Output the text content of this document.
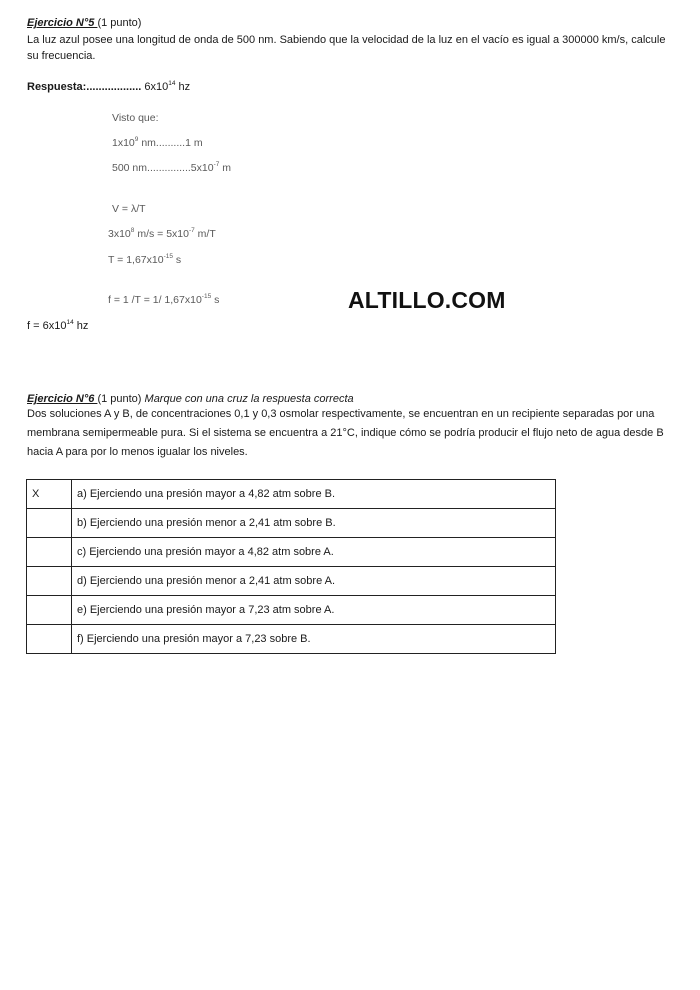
Ejercicio N°5 (1 punto)
La luz azul posee una longitud de onda de 500 nm. Sabiendo que la velocidad de la luz en el vacío es igual a 300000 km/s, calcule su frecuencia.
Respuesta:.................. $6x10^{14}$ hz
Visto que:
$1x10^9$ nm..........1 m
500 $nm...............5x10^{-7}$ m
V = λ/T
$3x10^8$ $m/s = 5x10^{-7}$ m/T
$T = 1,67x10^{-15}$ s
f = 1 /T = 1/ $1,67x10^{-15}$ s	ALTILLO.COM
$f = 6x10^{14}$ hz
Ejercicio N°6 (1 punto) Marque con una cruz la respuesta correcta
Dos soluciones A y B, de concentraciones 0,1 y 0,3 osmolar respectivamente, se encuentran en un recipiente separadas por una membrana semipermeable pura. Si el sistema se encuentra a 21°C, indique cómo se podría producir el flujo neto de agua desde B hacia A para por lo menos igualar los niveles.
X	a) Ejerciendo una presión mayor a 4,82 atm sobre B.
	b) Ejerciendo una presión menor a 2,41 atm sobre B.
	c) Ejerciendo una presión mayor a 4,82 atm sobre A.
	d) Ejerciendo una presión menor a 2,41 atm sobre A.
	e) Ejerciendo una presión mayor a 7,23 atm sobre A.
	f) Ejerciendo una presión mayor a 7,23 sobre B.
